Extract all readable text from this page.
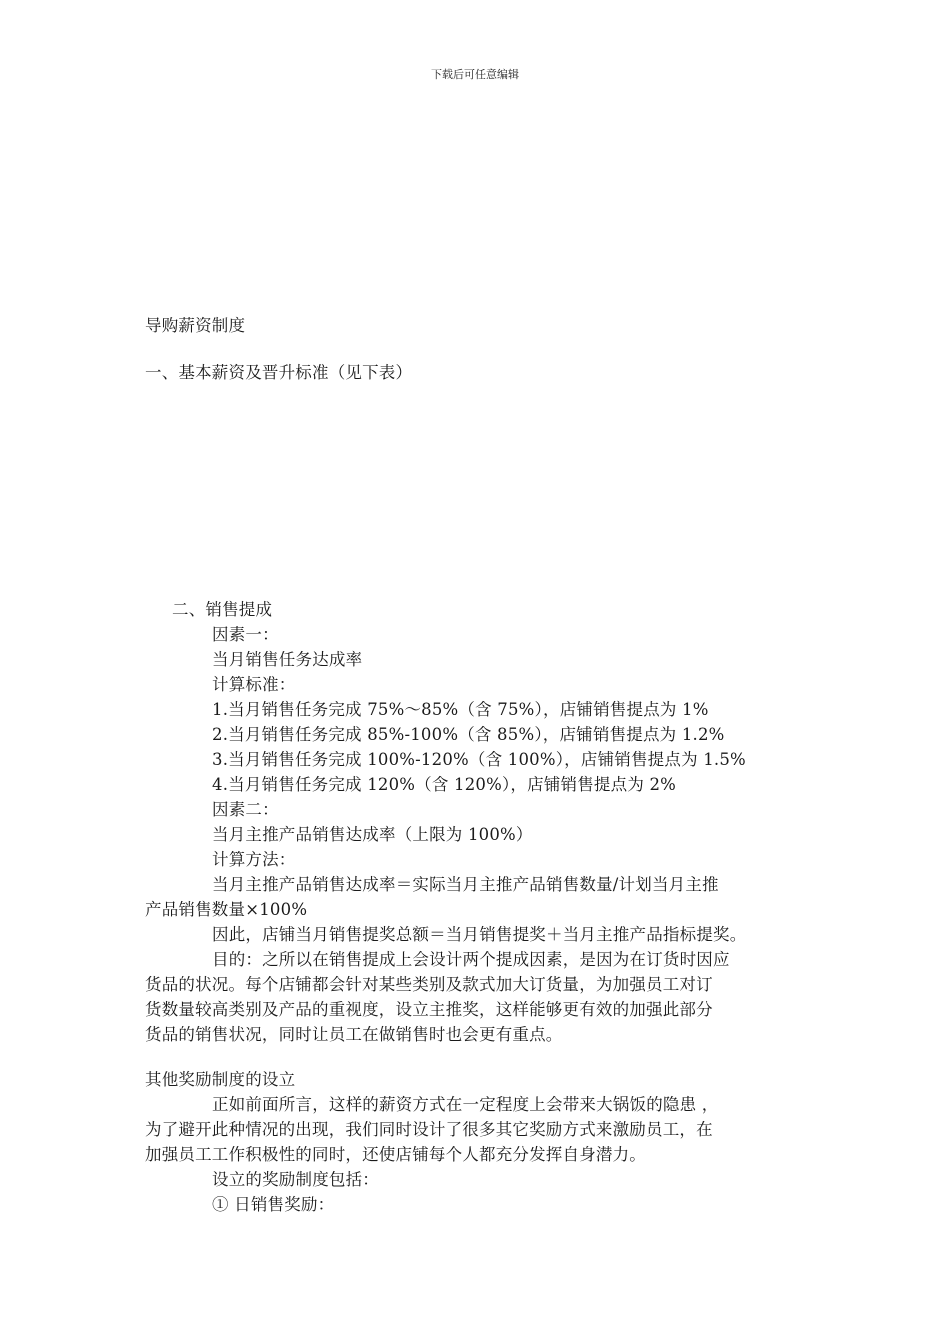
下载后可任意编辑
导购薪资制度
一、基本薪资及晋升标准（见下表）
二、销售提成
因素一：
当月销售任务达成率
计算标准：
1.当月销售任务完成 75%～85%（含 75%），店铺销售提点为 1%
2.当月销售任务完成 85%-100%（含 85%），店铺销售提点为 1.2%
3.当月销售任务完成 100%-120%（含 100%），店铺销售提点为 1.5%
4.当月销售任务完成 120%（含 120%），店铺销售提点为 2%
因素二：
当月主推产品销售达成率（上限为 100%）
计算方法：
当月主推产品销售达成率＝实际当月主推产品销售数量/计划当月主推
产品销售数量×100%
因此，店铺当月销售提奖总额＝当月销售提奖＋当月主推产品指标提奖。
目的：之所以在销售提成上会设计两个提成因素，是因为在订货时因应
货品的状况。每个店铺都会针对某些类别及款式加大订货量，为加强员工对订
货数量较高类别及产品的重视度，设立主推奖，这样能够更有效的加强此部分
货品的销售状况，同时让员工在做销售时也会更有重点。
其他奖励制度的设立
正如前面所言，这样的薪资方式在一定程度上会带来大锅饭的隐患 ，
为了避开此种情况的出现，我们同时设计了很多其它奖励方式来激励员工，在
加强员工工作积极性的同时，还使店铺每个人都充分发挥自身潜力。
设立的奖励制度包括：
① 日销售奖励：
